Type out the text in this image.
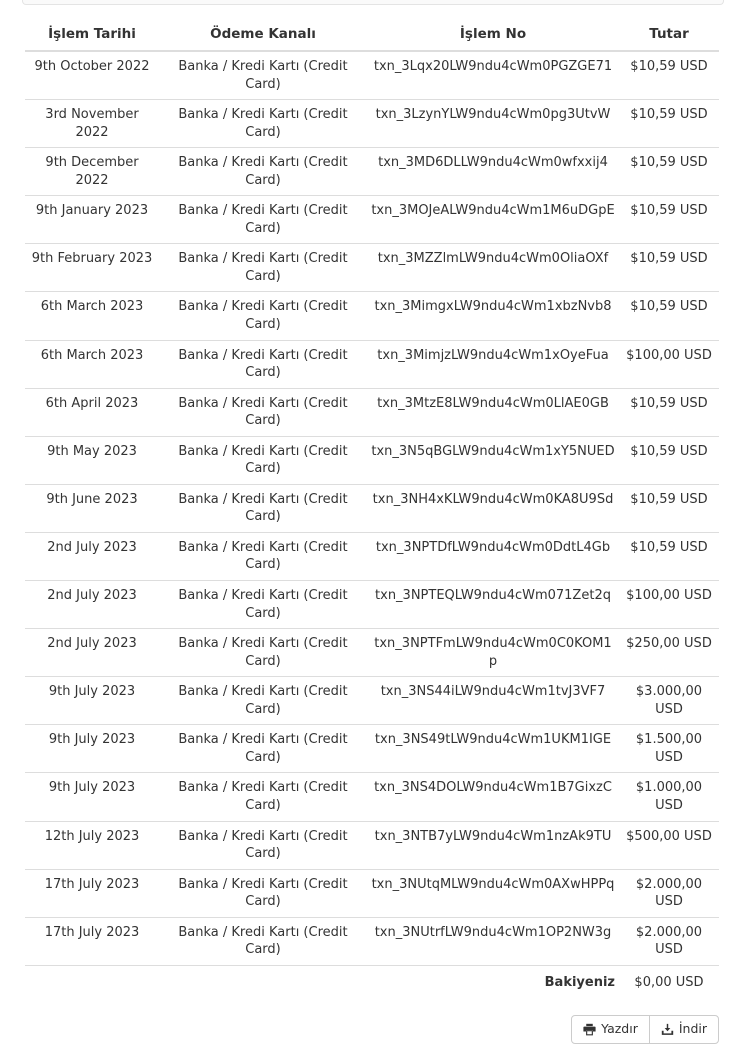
İşlem Tarihi	Ödeme Kanalı	İşlem No	Tutar
9th October 2022	Banka / Kredi Kartı (Credit Card)	txn_3Lqx20LW9ndu4cWm0PGZGE71	$10,59 USD
3rd November 2022	Banka / Kredi Kartı (Credit Card)	txn_3LzynYLW9ndu4cWm0pg3UtvW	$10,59 USD
9th December 2022	Banka / Kredi Kartı (Credit Card)	txn_3MD6DLLW9ndu4cWm0wfxxij4	$10,59 USD
9th January 2023	Banka / Kredi Kartı (Credit Card)	txn_3MOJeALW9ndu4cWm1M6uDGpE	$10,59 USD
9th February 2023	Banka / Kredi Kartı (Credit Card)	txn_3MZZlmLW9ndu4cWm0OliaOXf	$10,59 USD
6th March 2023	Banka / Kredi Kartı (Credit Card)	txn_3MimgxLW9ndu4cWm1xbzNvb8	$10,59 USD
6th March 2023	Banka / Kredi Kartı (Credit Card)	txn_3MimjzLW9ndu4cWm1xOyeFua	$100,00 USD
6th April 2023	Banka / Kredi Kartı (Credit Card)	txn_3MtzE8LW9ndu4cWm0LlAE0GB	$10,59 USD
9th May 2023	Banka / Kredi Kartı (Credit Card)	txn_3N5qBGLW9ndu4cWm1xY5NUED	$10,59 USD
9th June 2023	Banka / Kredi Kartı (Credit Card)	txn_3NH4xKLW9ndu4cWm0KA8U9Sd	$10,59 USD
2nd July 2023	Banka / Kredi Kartı (Credit Card)	txn_3NPTDfLW9ndu4cWm0DdtL4Gb	$10,59 USD
2nd July 2023	Banka / Kredi Kartı (Credit Card)	txn_3NPTEQLW9ndu4cWm071Zet2q	$100,00 USD
2nd July 2023	Banka / Kredi Kartı (Credit Card)	txn_3NPTFmLW9ndu4cWm0C0KOM1p	$250,00 USD
9th July 2023	Banka / Kredi Kartı (Credit Card)	txn_3NS44iLW9ndu4cWm1tvJ3VF7	$3.000,00 USD
9th July 2023	Banka / Kredi Kartı (Credit Card)	txn_3NS49tLW9ndu4cWm1UKM1IGE	$1.500,00 USD
9th July 2023	Banka / Kredi Kartı (Credit Card)	txn_3NS4DOLW9ndu4cWm1B7GixzC	$1.000,00 USD
12th July 2023	Banka / Kredi Kartı (Credit Card)	txn_3NTB7yLW9ndu4cWm1nzAk9TU	$500,00 USD
17th July 2023	Banka / Kredi Kartı (Credit Card)	txn_3NUtqMLW9ndu4cWm0AXwHPPq	$2.000,00 USD
17th July 2023	Banka / Kredi Kartı (Credit Card)	txn_3NUtrfLW9ndu4cWm1OP2NW3g	$2.000,00 USD
		Bakiyeniz	$0,00 USD
Yazdır	İndir
